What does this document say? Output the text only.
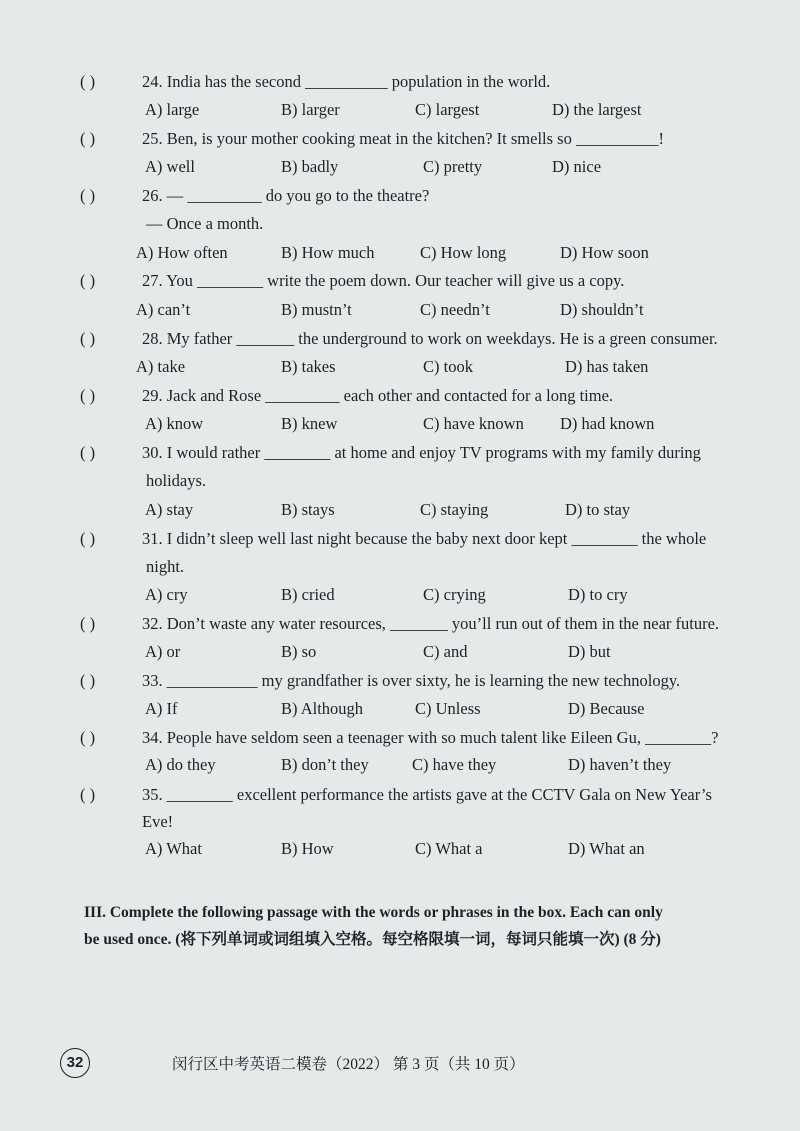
( )	24. India has the second __________ population in the world.
A) large	B) larger	C) largest	D) the largest
( )	25. Ben, is your mother cooking meat in the kitchen? It smells so __________!
A) well	B) badly	C) pretty	D) nice
( )	26. — _________ do you go to the theatre?
— Once a month.
A) How often	B) How much	C) How long	D) How soon
( )	27. You ________ write the poem down. Our teacher will give us a copy.
A) can’t	B) mustn’t	C) needn’t	D) shouldn’t
( )	28. My father _______ the underground to work on weekdays. He is a green consumer.
A) take	B) takes	C) took	D) has taken
( )	29. Jack and Rose _________ each other and contacted for a long time.
A) know	B) knew	C) have known D) had known
( )	30. I would rather ________ at home and enjoy TV programs with my family during
holidays.
A) stay	B) stays	C) staying	D) to stay
( )	31. I didn’t sleep well last night because the baby next door kept ________ the whole
night.
A) cry	B) cried	C) crying	D) to cry
( )	32. Don’t waste any water resources, _______ you’ll run out of them in the near future.
A) or	B) so	C) and	D) but
( )	33. ___________ my grandfather is over sixty, he is learning the new technology.
A) If	B) Although	C) Unless	D) Because
( )	34. People have seldom seen a teenager with so much talent like Eileen Gu, ________?
A) do they	B) don’t they	C) have they	D) haven’t they
( )	35. ________ excellent performance the artists gave at the CCTV Gala on New Year’s
Eve!
A) What	B) How	C) What a	D) What an
III. Complete the following passage with the words or phrases in the box. Each can only
be used once. (将下列单词或词组填入空格。每空格限填一词，每词只能填一次) (8 分)
32	闵行区中考英语二模卷（2022） 第 3 页（共 10 页）
